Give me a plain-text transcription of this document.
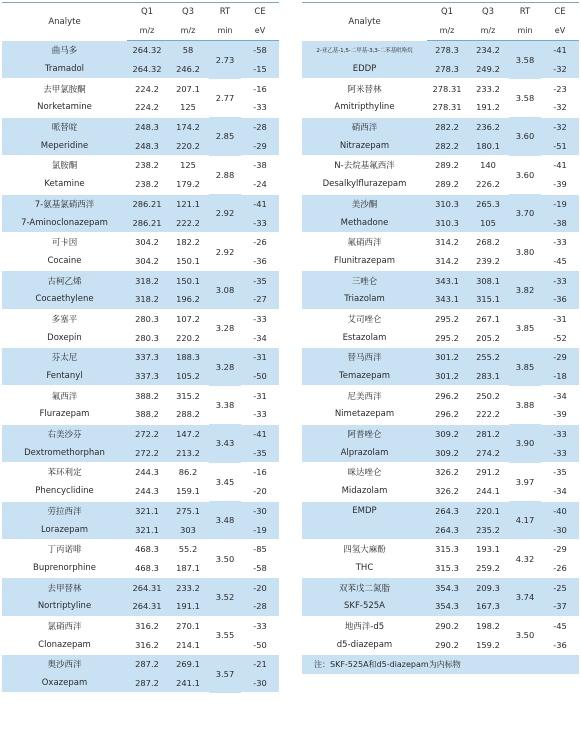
Analyte	Q1	Q3	RT	CE
	m/z	m/z	min	eV
曲马多	264.32	58	2.73	-58
Tramadol	264.32	246.2		-15
去甲氯胺酮	224.2	207.1	2.77	-16
Norketamine	224.2	125		-33
哌替啶	248.3	174.2	2.85	-28
Meperidine	248.3	220.2		-29
氯胺酮	238.2	125	2.88	-38
Ketamine	238.2	179.2		-24
7-氨基氯硝西泮	286.21	121.1	2.92	-41
7-Aminoclonazepam	286.21	222.2		-33
可卡因	304.2	182.2	2.92	-26
Cocaine	304.2	150.1		-36
古柯乙烯	318.2	150.1	3.08	-35
Cocaethylene	318.2	196.2		-27
多塞平	280.3	107.2	3.28	-33
Doxepin	280.3	220.2		-34
芬太尼	337.3	188.3	3.28	-31
Fentanyl	337.3	105.2		-50
氟西泮	388.2	315.2	3.38	-31
Flurazepam	388.2	288.2		-33
右美沙芬	272.2	147.2	3.43	-41
Dextromethorphan	272.2	213.2		-35
苯环利定	244.3	86.2	3.45	-16
Phencyclidine	244.3	159.1		-20
劳拉西泮	321.1	275.1	3.48	-30
Lorazepam	321.1	303		-19
丁丙诺啡	468.3	55.2	3.50	-85
Buprenorphine	468.3	187.1		-58
去甲替林	264.31	233.2	3.52	-20
Nortriptyline	264.31	191.1		-28
氯硝西泮	316.2	270.1	3.55	-33
Clonazepam	316.2	214.1		-50
奥沙西泮	287.2	269.1	3.57	-21
Oxazepam	287.2	241.1		-30
Analyte	Q1	Q3	RT	CE
	m/z	m/z	min	eV
2-亚乙基-1,5-二甲基-3,3-二苯基吡咯烷	278.3	234.2	3.58	-41
EDDP	278.3	249.2		-32
阿米替林	278.31	233.2	3.58	-23
Amitripthyline	278.31	191.2		-32
硝西泮	282.2	236.2	3.60	-32
Nitrazepam	282.2	180.1		-51
N-去烷基氟西泮	289.2	140	3.60	-41
Desalkylflurazepam	289.2	226.2		-39
美沙酮	310.3	265.3	3.70	-19
Methadone	310.3	105		-38
氟硝西泮	314.2	268.2	3.80	-33
Flunitrazepam	314.2	239.2		-45
三唑仑	343.1	308.1	3.82	-33
Triazolam	343.1	315.1		-36
艾司唑仑	295.2	267.1	3.85	-31
Estazolam	295.2	205.2		-52
替马西泮	301.2	255.2	3.85	-29
Temazepam	301.2	283.1		-18
尼美西泮	296.2	250.2	3.88	-34
Nimetazepam	296.2	222.2		-39
阿普唑仑	309.2	281.2	3.90	-33
Alprazolam	309.2	274.2		-33
咪达唑仑	326.2	291.2	3.97	-35
Midazolam	326.2	244.1		-34
EMDP	264.3	220.1	4.17	-40
	264.3	235.2		-30
四氢大麻酚	315.3	193.1	4.32	-29
THC	315.3	259.2		-26
双苯戊二氮脂	354.3	209.3	3.74	-25
SKF-525A	354.3	167.3		-37
地西泮-d5	290.2	198.2	3.50	-45
d5-diazepam	290.2	159.2		-36
注：SKF-525A和d5-diazepam为内标物				
